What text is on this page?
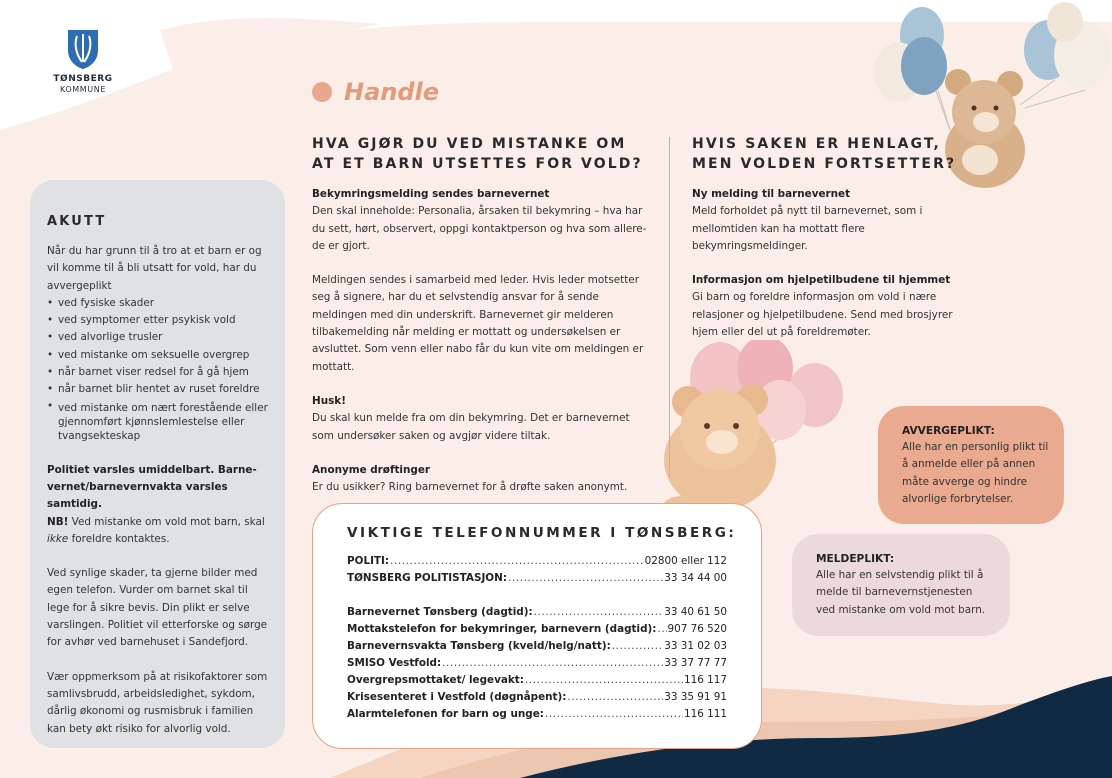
TØNSBERG
KOMMUNE	Handle
AKUTT

Når du har grunn til å tro at et barn er og vil komme til å bli utsatt for vold, har du avvergeplikt

• ved fysiske skader
• ved symptomer etter psykisk vold
• ved alvorlige trusler
• ved mistanke om seksuelle overgrep
• når barnet viser redsel for å gå hjem
• når barnet blir hentet av ruset foreldre
• ved mistanke om nært forestående eller gjennomført kjønnslemlestelse eller tvangsekteskap

Politiet varsles umiddelbart. Barnevernet/barnevernvakta varsles samtidig.
NB! Ved mistanke om vold mot barn, skal ikke foreldre kontaktes.

Ved synlige skader, ta gjerne bilder med egen telefon. Vurder om barnet skal til lege for å sikre bevis. Din plikt er selve varslingen. Politiet vil etterforske og sørge for avhør ved barnehuset i Sandefjord.

Vær oppmerksom på at risikofaktorer som samlivsbrudd, arbeidsledighet, sykdom, dårlig økonomi og rusmisbruk i familien kan bety økt risiko for alvorlig vold.

HVA GJØR DU VED MISTANKE OM
AT ET BARN UTSETTES FOR VOLD?
Bekymringsmelding sendes barnevernet
Den skal inneholde: Personalia, årsaken til bekymring – hva har du sett, hørt, observert, oppgi kontaktperson og hva som allerede er gjort.
Meldingen sendes i samarbeid med leder. Hvis leder motsetter seg å signere, har du et selvstendig ansvar for å sende meldingen med din underskrift. Barnevernet gir melderen tilbakemelding når melding er mottatt og undersøkelsen er avsluttet. Som venn eller nabo får du kun vite om meldingen er mottatt.
Husk!
Du skal kun melde fra om din bekymring. Det er barnevernet som undersøker saken og avgjør videre tiltak.
Anonyme drøftinger
Er du usikker? Ring barnevernet for å drøfte saken anonymt.
HVIS SAKEN ER HENLAGT,
MEN VOLDEN FORTSETTER?
Ny melding til barnevernet
Meld forholdet på nytt til barnevernet, som i mellomtiden kan ha mottatt flere bekymringsmeldinger.
Informasjon om hjelpetilbudene til hjemmet
Gi barn og foreldre informasjon om vold i nære relasjoner og hjelpetilbudene. Send med brosjyrer hjem eller del ut på foreldremøter.
VIKTIGE TELEFONNUMMER I TØNSBERG:
POLITI: .....	02800 eller 112
TØNSBERG POLITISTASJON: .....	33 34 44 00
Barnevernet Tønsberg (dagtid): .....	33 40 61 50
Mottakstelefon for bekymringer, barnevern (dagtid): ..... 907 76 520
Barnevernsvakta Tønsberg (kveld/helg/natt): .....	33 31 02 03
SMISO Vestfold: .....	33 37 77 77
Overgrepsmottaket/ legevakt: .....	116 117
Krisesenteret i Vestfold (døgnåpent): .....	33 35 91 91
Alarmtelefonen for barn og unge: .....	116 111
AVVERGEPLIKT:
Alle har en personlig plikt til å anmelde eller på annen måte avverge og hindre alvorlige forbrytelser.
MELDEPLIKT:
Alle har en selvstendig plikt til å melde til barnevernstjenesten ved mistanke om vold mot barn.
